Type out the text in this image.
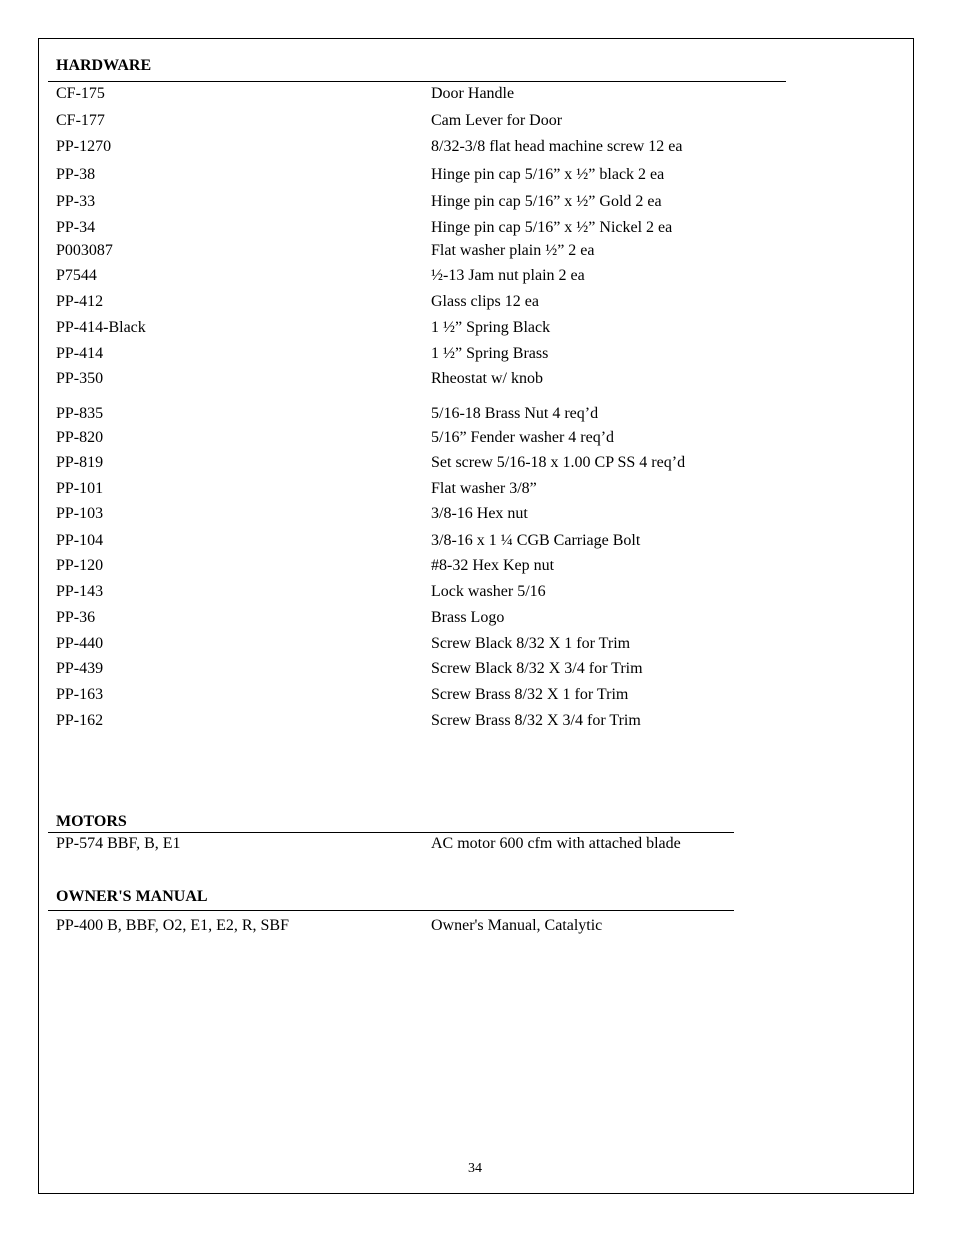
HARDWARE
CF-175	Door Handle
CF-177	Cam Lever for Door
PP-1270	8/32-3/8 flat head machine screw 12 ea
PP-38	Hinge pin cap 5/16” x ½” black 2 ea
PP-33	Hinge pin cap 5/16” x ½” Gold 2 ea
PP-34	Hinge pin cap 5/16” x ½” Nickel 2 ea
P003087	Flat washer plain ½” 2 ea
P7544	½-13 Jam nut plain 2 ea
PP-412	Glass clips 12 ea
PP-414-Black	1 ½” Spring Black
PP-414	1 ½” Spring Brass
PP-350	Rheostat w/ knob
PP-835	5/16-18 Brass Nut 4 req’d
PP-820	5/16” Fender washer 4 req’d
PP-819	Set screw 5/16-18 x 1.00 CP SS 4 req’d
PP-101	Flat washer 3/8”
PP-103	3/8-16 Hex nut
PP-104	3/8-16 x 1 ¼ CGB Carriage Bolt
PP-120	#8-32 Hex Kep nut
PP-143	Lock washer 5/16
PP-36	Brass Logo
PP-440	Screw Black 8/32 X 1 for Trim
PP-439	Screw Black 8/32 X 3/4 for Trim
PP-163	Screw Brass 8/32 X 1 for Trim
PP-162	Screw Brass 8/32 X 3/4 for Trim
MOTORS
PP-574 BBF, B, E1	AC motor 600 cfm with attached blade
OWNER'S MANUAL
PP-400 B, BBF, O2, E1, E2, R, SBF	Owner's Manual, Catalytic
34
